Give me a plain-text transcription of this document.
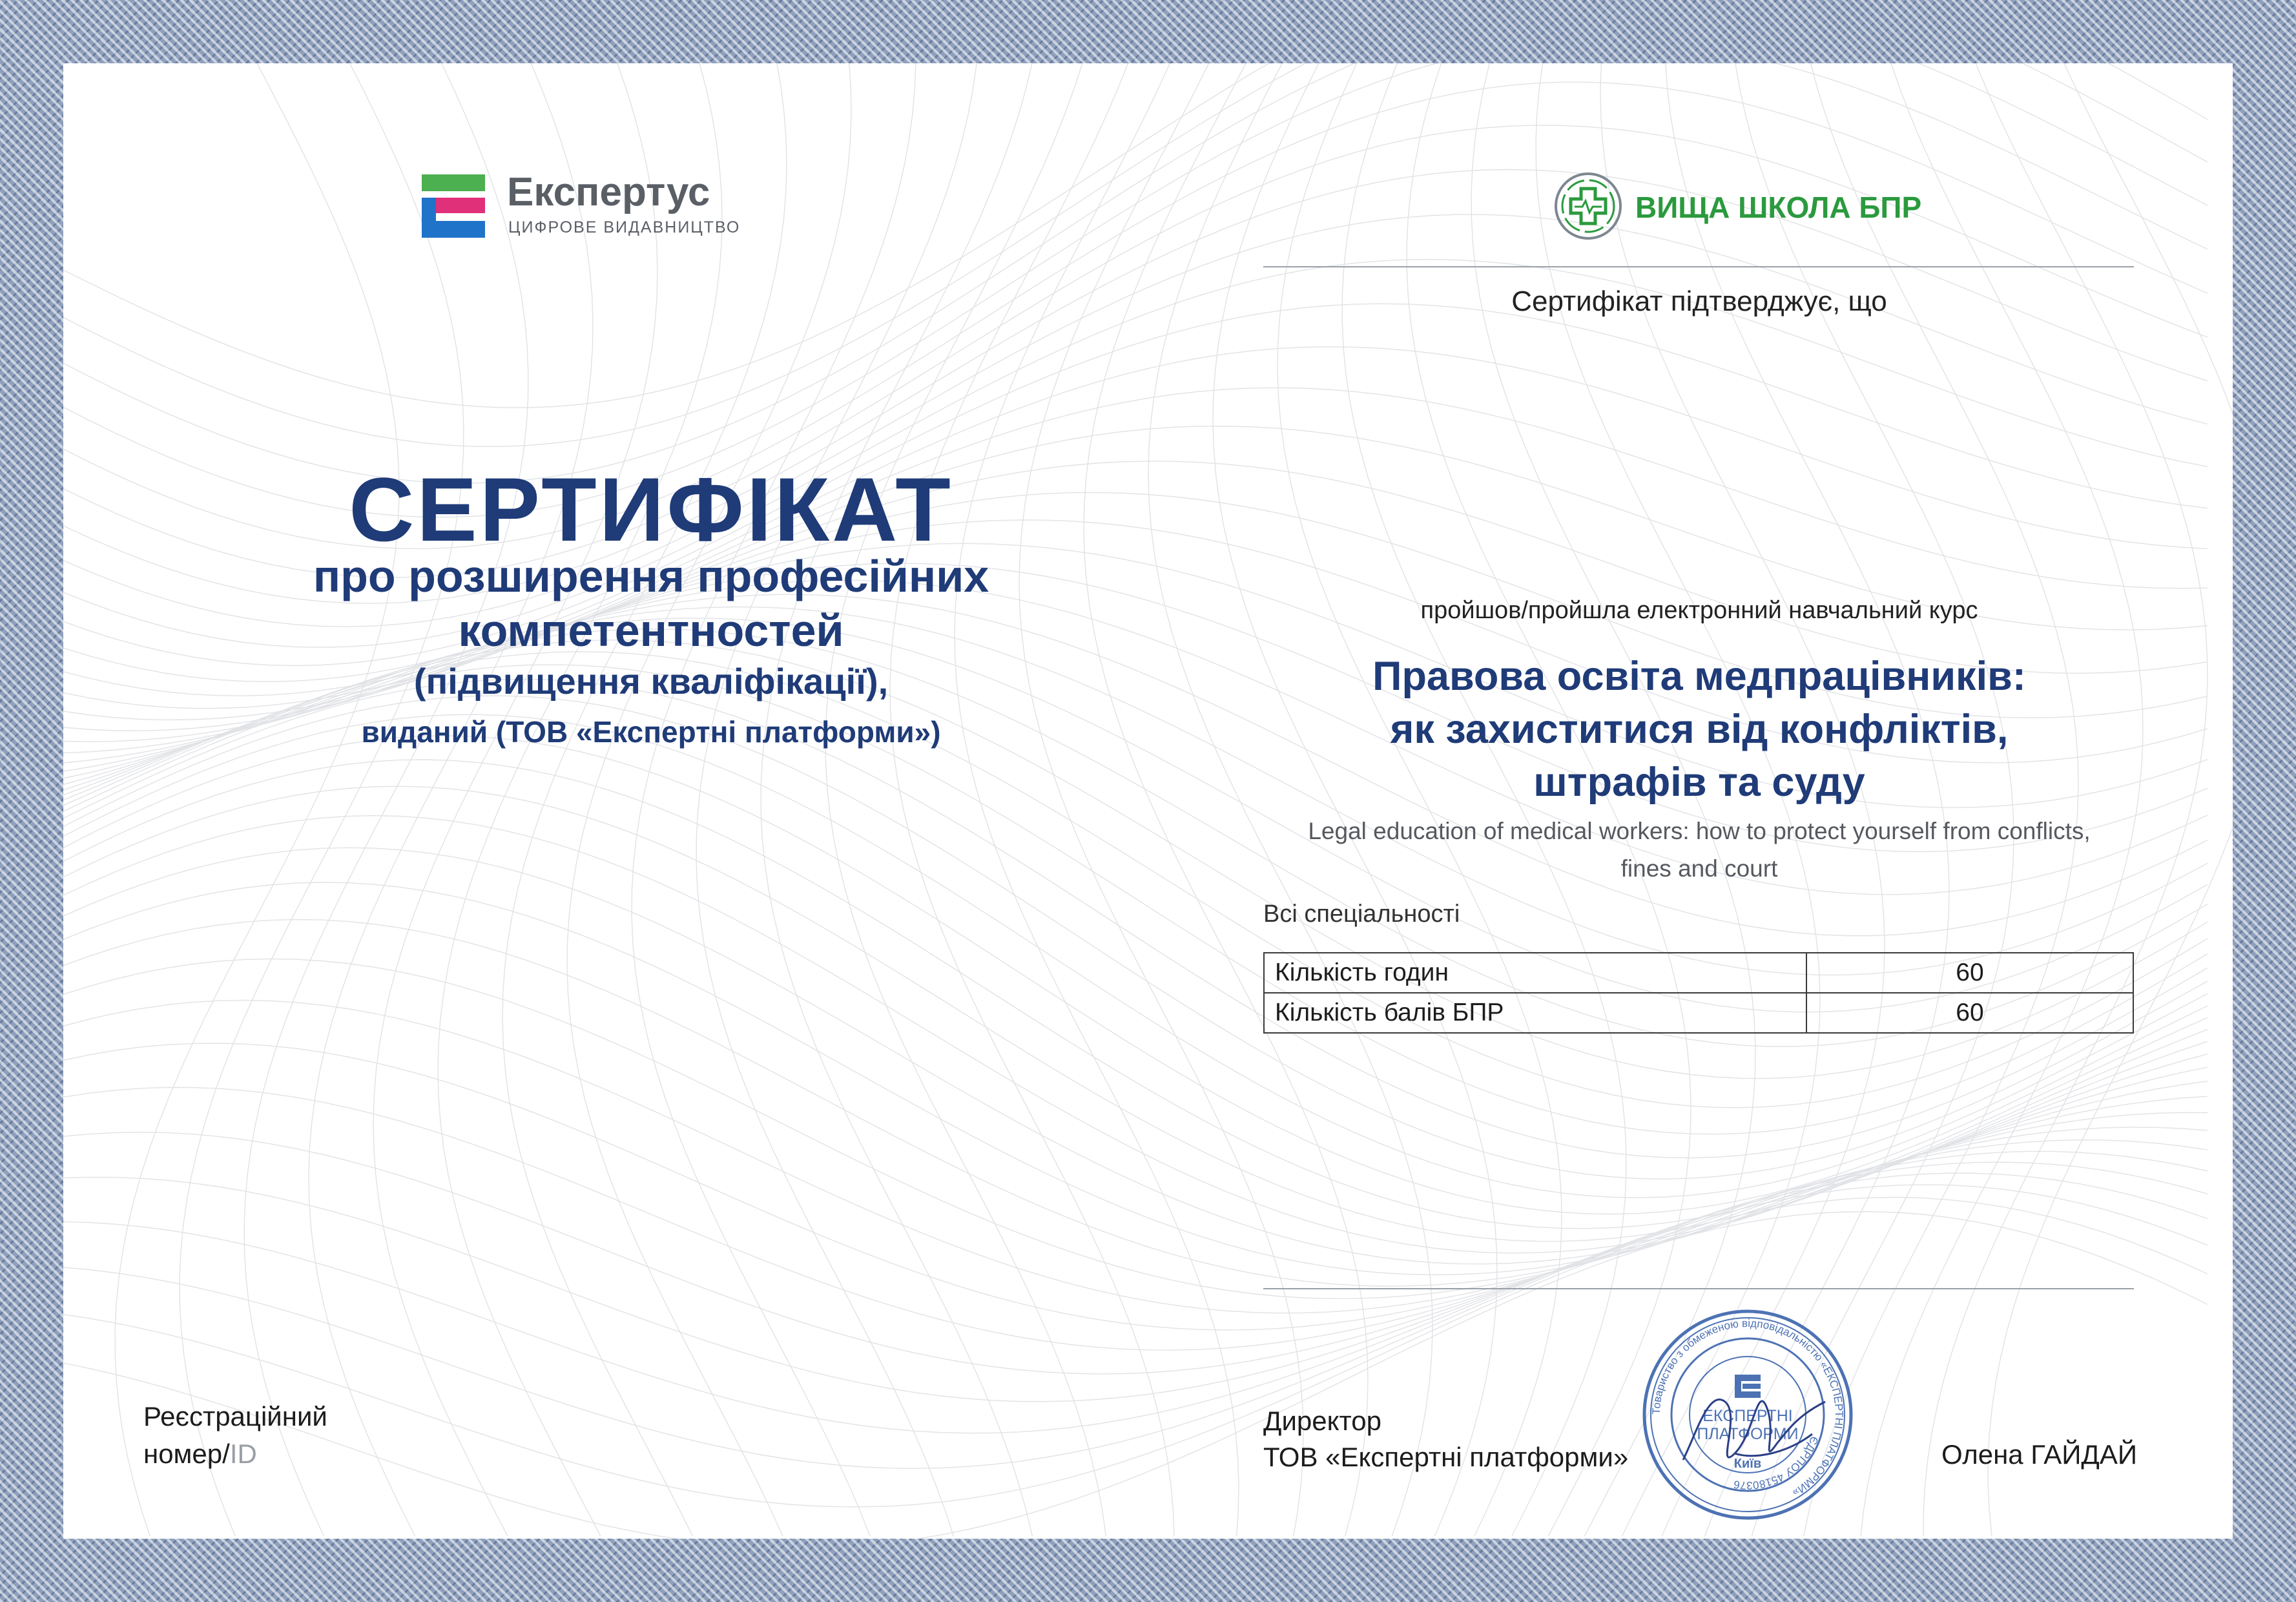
Експертус
ЦИФРОВЕ ВИДАВНИЦТВО
ВИЩА ШКОЛА БПР
СЕРТИФІКАТ
про розширення професійних
компетентностей
(підвищення кваліфікації),
виданий (ТОВ «Експертні платформи»)
Сертифікат підтверджує, що
пройшов/пройшла електронний навчальний курс
Правова освіта медпрацівників:
як захиститися від конфліктів,
штрафів та суду
Legal education of medical workers: how to protect yourself from conflicts,
fines and court
Всі спеціальності
Кількість годин	60
Кількість балів БПР	60
Реєстраційний
номер/ID
Директор
ТОВ «Експертні платформи»	Олена ГАЙДАЙ
Товариство з обмеженою відповідальністю «ЕКСПЕРТНІ ПЛАТФОРМИ»
ЄДРПОУ 45180376
ЕКСПЕРТНІ
ПЛАТФОРМИ
Київ
